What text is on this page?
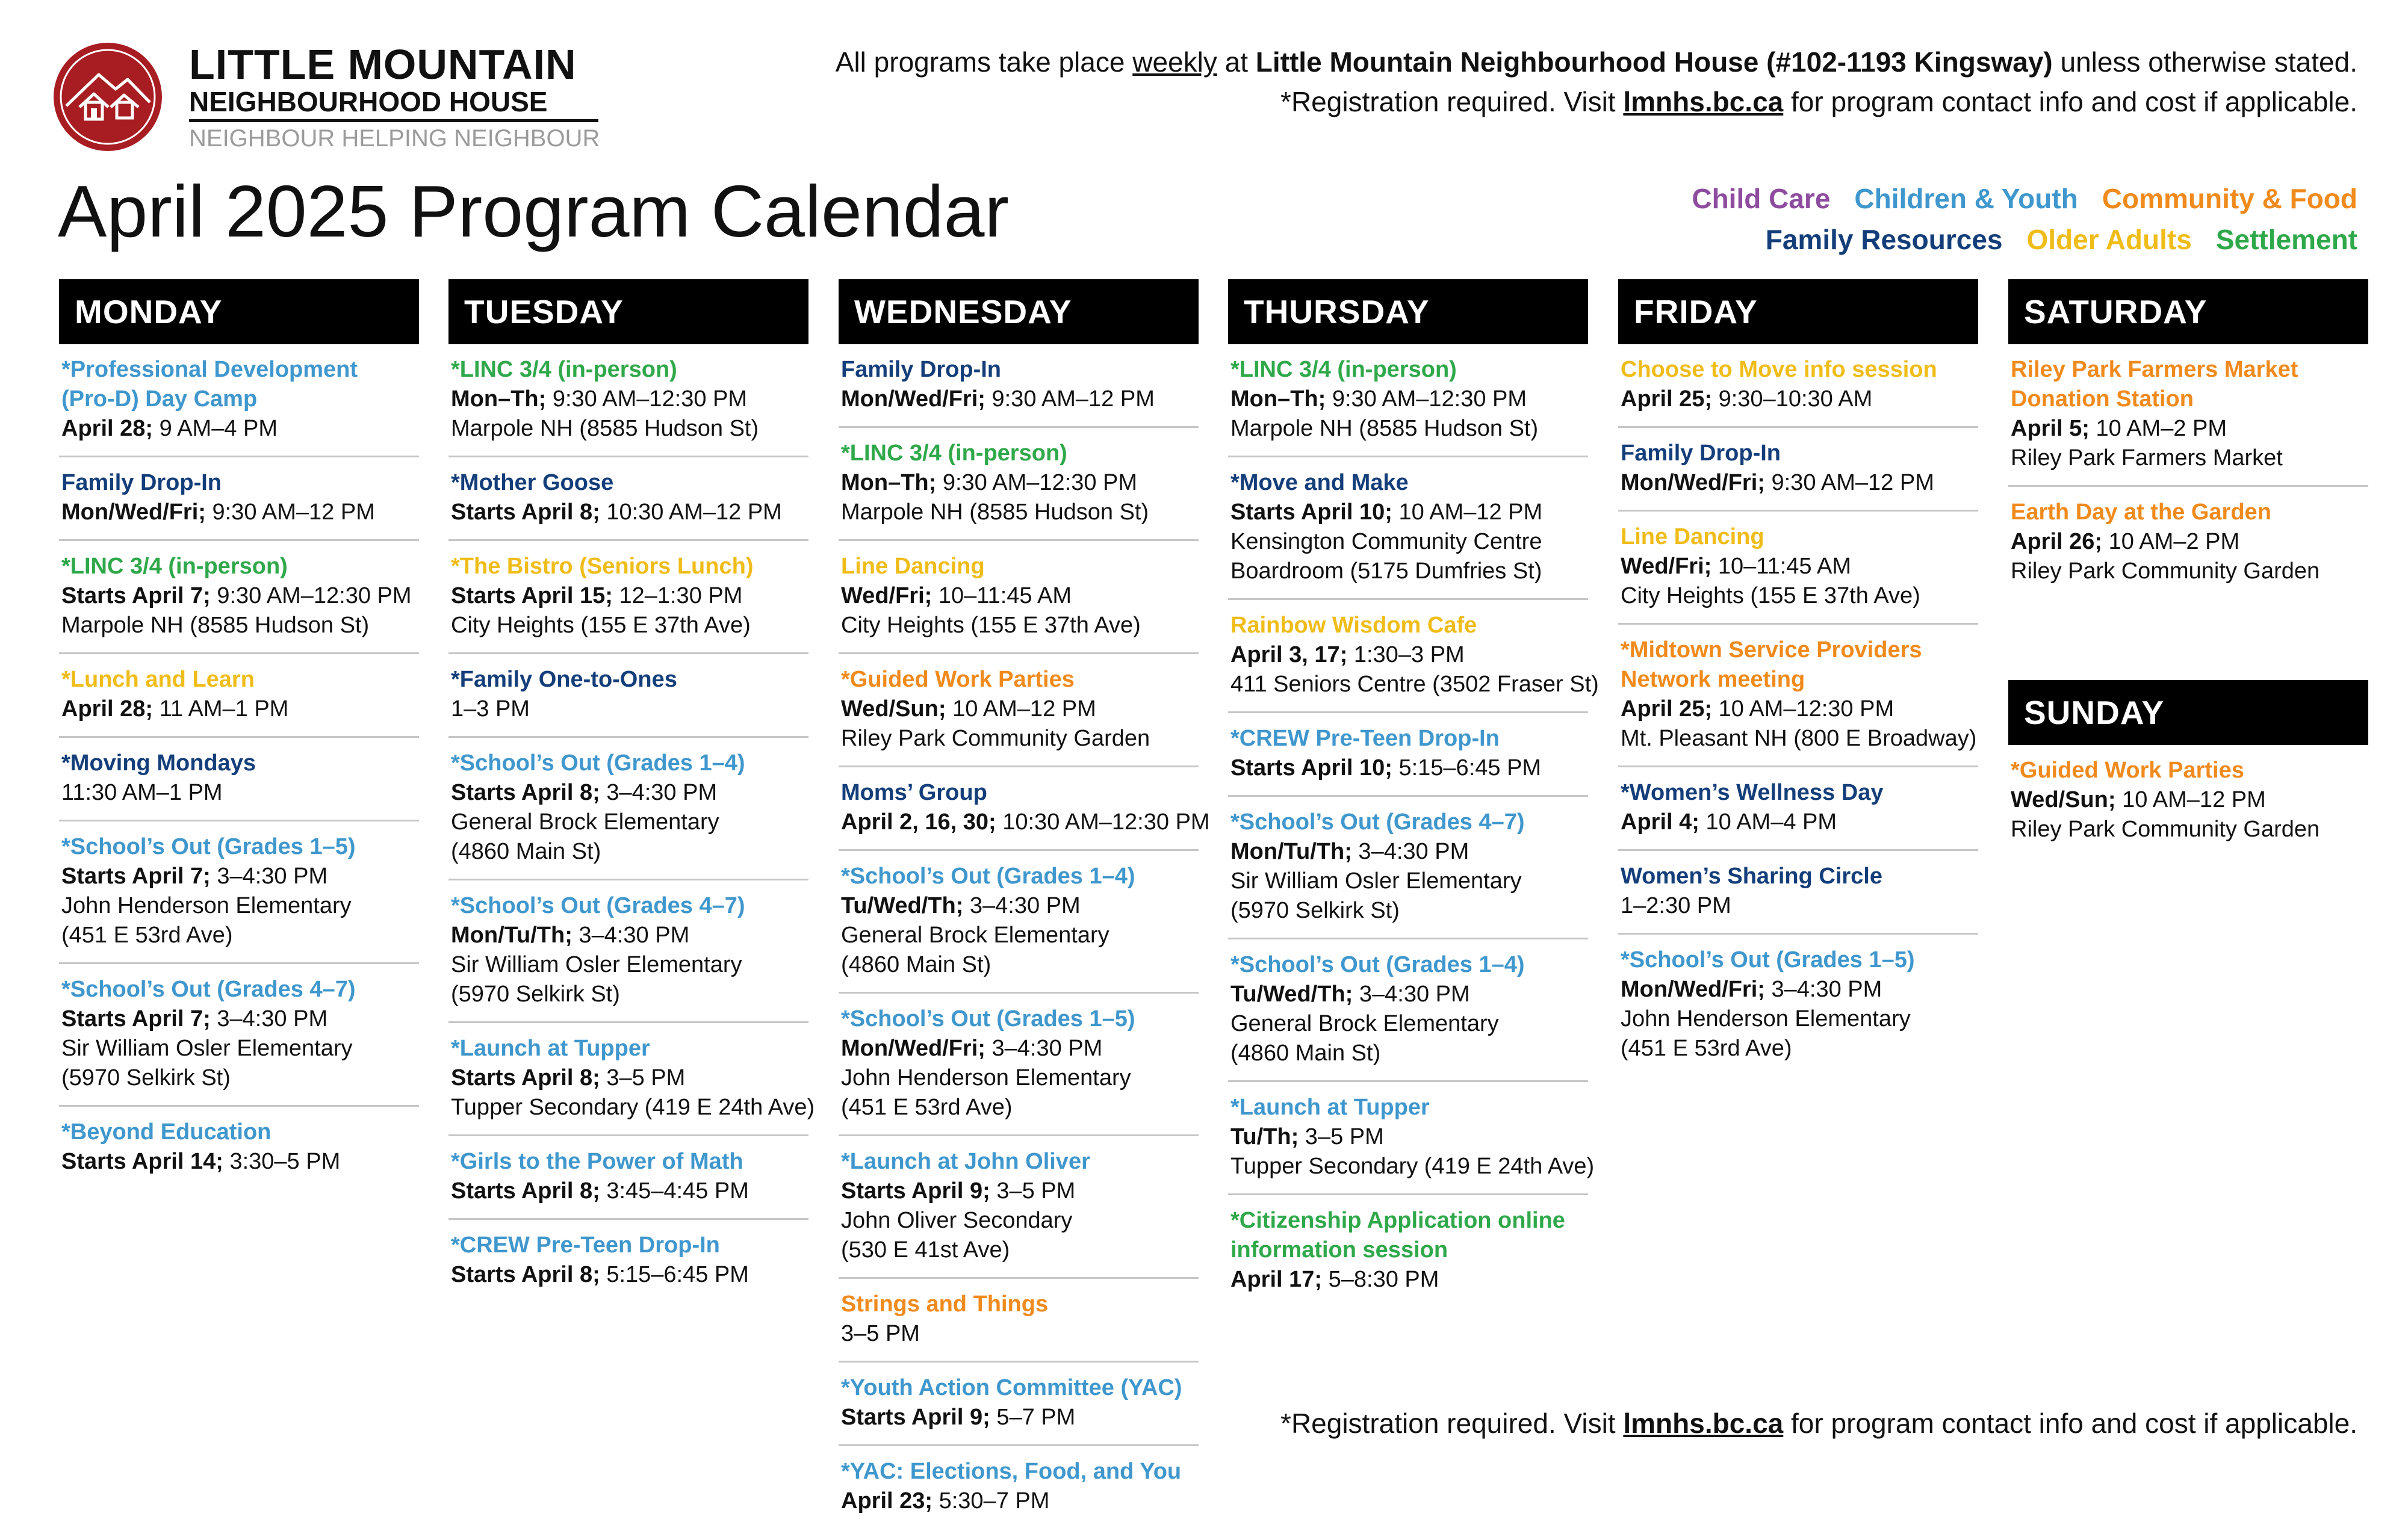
LITTLE MOUNTAIN
NEIGHBOURHOOD HOUSE
NEIGHBOUR HELPING NEIGHBOUR
All programs take place weekly at Little Mountain Neighbourhood House (#102-1193 Kingsway) unless otherwise stated.
*Registration required. Visit lmnhs.bc.ca for program contact info and cost if applicable.
April 2025 Program Calendar	Child Care Children & Youth Community & Food
Family Resources Older Adults Settlement
MONDAY
*Professional Development (Pro-D) Day Camp
April 28; 9 AM–4 PM
Family Drop-In
Mon/Wed/Fri; 9:30 AM–12 PM
*LINC 3/4 (in-person)
Starts April 7; 9:30 AM–12:30 PM
Marpole NH (8585 Hudson St)
*Lunch and Learn
April 28; 11 AM–1 PM
*Moving Mondays
11:30 AM–1 PM
*School’s Out (Grades 1–5)
Starts April 7; 3–4:30 PM
John Henderson Elementary
(451 E 53rd Ave)
*School’s Out (Grades 4–7)
Starts April 7; 3–4:30 PM
Sir William Osler Elementary
(5970 Selkirk St)
*Beyond Education
Starts April 14; 3:30–5 PM
TUESDAY
*LINC 3/4 (in-person)
Mon–Th; 9:30 AM–12:30 PM
Marpole NH (8585 Hudson St)
*Mother Goose
Starts April 8; 10:30 AM–12 PM
*The Bistro (Seniors Lunch)
Starts April 15; 12–1:30 PM
City Heights (155 E 37th Ave)
*Family One-to-Ones
1–3 PM
*School’s Out (Grades 1–4)
Starts April 8; 3–4:30 PM
General Brock Elementary
(4860 Main St)
*School’s Out (Grades 4–7)
Mon/Tu/Th; 3–4:30 PM
Sir William Osler Elementary
(5970 Selkirk St)
*Launch at Tupper
Starts April 8; 3–5 PM
Tupper Secondary (419 E 24th Ave)
*Girls to the Power of Math
Starts April 8; 3:45–4:45 PM
*CREW Pre-Teen Drop-In
Starts April 8; 5:15–6:45 PM
WEDNESDAY
Family Drop-In
Mon/Wed/Fri; 9:30 AM–12 PM
*LINC 3/4 (in-person)
Mon–Th; 9:30 AM–12:30 PM
Marpole NH (8585 Hudson St)
Line Dancing
Wed/Fri; 10–11:45 AM
City Heights (155 E 37th Ave)
*Guided Work Parties
Wed/Sun; 10 AM–12 PM
Riley Park Community Garden
Moms’ Group
April 2, 16, 30; 10:30 AM–12:30 PM
*School’s Out (Grades 1–4)
Tu/Wed/Th; 3–4:30 PM
General Brock Elementary
(4860 Main St)
*School’s Out (Grades 1–5)
Mon/Wed/Fri; 3–4:30 PM
John Henderson Elementary
(451 E 53rd Ave)
*Launch at John Oliver
Starts April 9; 3–5 PM
John Oliver Secondary
(530 E 41st Ave)
Strings and Things
3–5 PM
*Youth Action Committee (YAC)
Starts April 9; 5–7 PM
*YAC: Elections, Food, and You
April 23; 5:30–7 PM
THURSDAY
*LINC 3/4 (in-person)
Mon–Th; 9:30 AM–12:30 PM
Marpole NH (8585 Hudson St)
*Move and Make
Starts April 10; 10 AM–12 PM
Kensington Community Centre
Boardroom (5175 Dumfries St)
Rainbow Wisdom Cafe
April 3, 17; 1:30–3 PM
411 Seniors Centre (3502 Fraser St)
*CREW Pre-Teen Drop-In
Starts April 10; 5:15–6:45 PM
*School’s Out (Grades 4–7)
Mon/Tu/Th; 3–4:30 PM
Sir William Osler Elementary
(5970 Selkirk St)
*School’s Out (Grades 1–4)
Tu/Wed/Th; 3–4:30 PM
General Brock Elementary
(4860 Main St)
*Launch at Tupper
Tu/Th; 3–5 PM
Tupper Secondary (419 E 24th Ave)
*Citizenship Application online information session
April 17; 5–8:30 PM
FRIDAY
Choose to Move info session
April 25; 9:30–10:30 AM
Family Drop-In
Mon/Wed/Fri; 9:30 AM–12 PM
Line Dancing
Wed/Fri; 10–11:45 AM
City Heights (155 E 37th Ave)
*Midtown Service Providers Network meeting
April 25; 10 AM–12:30 PM
Mt. Pleasant NH (800 E Broadway)
*Women’s Wellness Day
April 4; 10 AM–4 PM
Women’s Sharing Circle
1–2:30 PM
*School’s Out (Grades 1–5)
Mon/Wed/Fri; 3–4:30 PM
John Henderson Elementary
(451 E 53rd Ave)
SATURDAY
Riley Park Farmers Market Donation Station
April 5; 10 AM–2 PM
Riley Park Farmers Market
Earth Day at the Garden
April 26; 10 AM–2 PM
Riley Park Community Garden
SUNDAY
*Guided Work Parties
Wed/Sun; 10 AM–12 PM
Riley Park Community Garden
*Registration required. Visit lmnhs.bc.ca for program contact info and cost if applicable.
